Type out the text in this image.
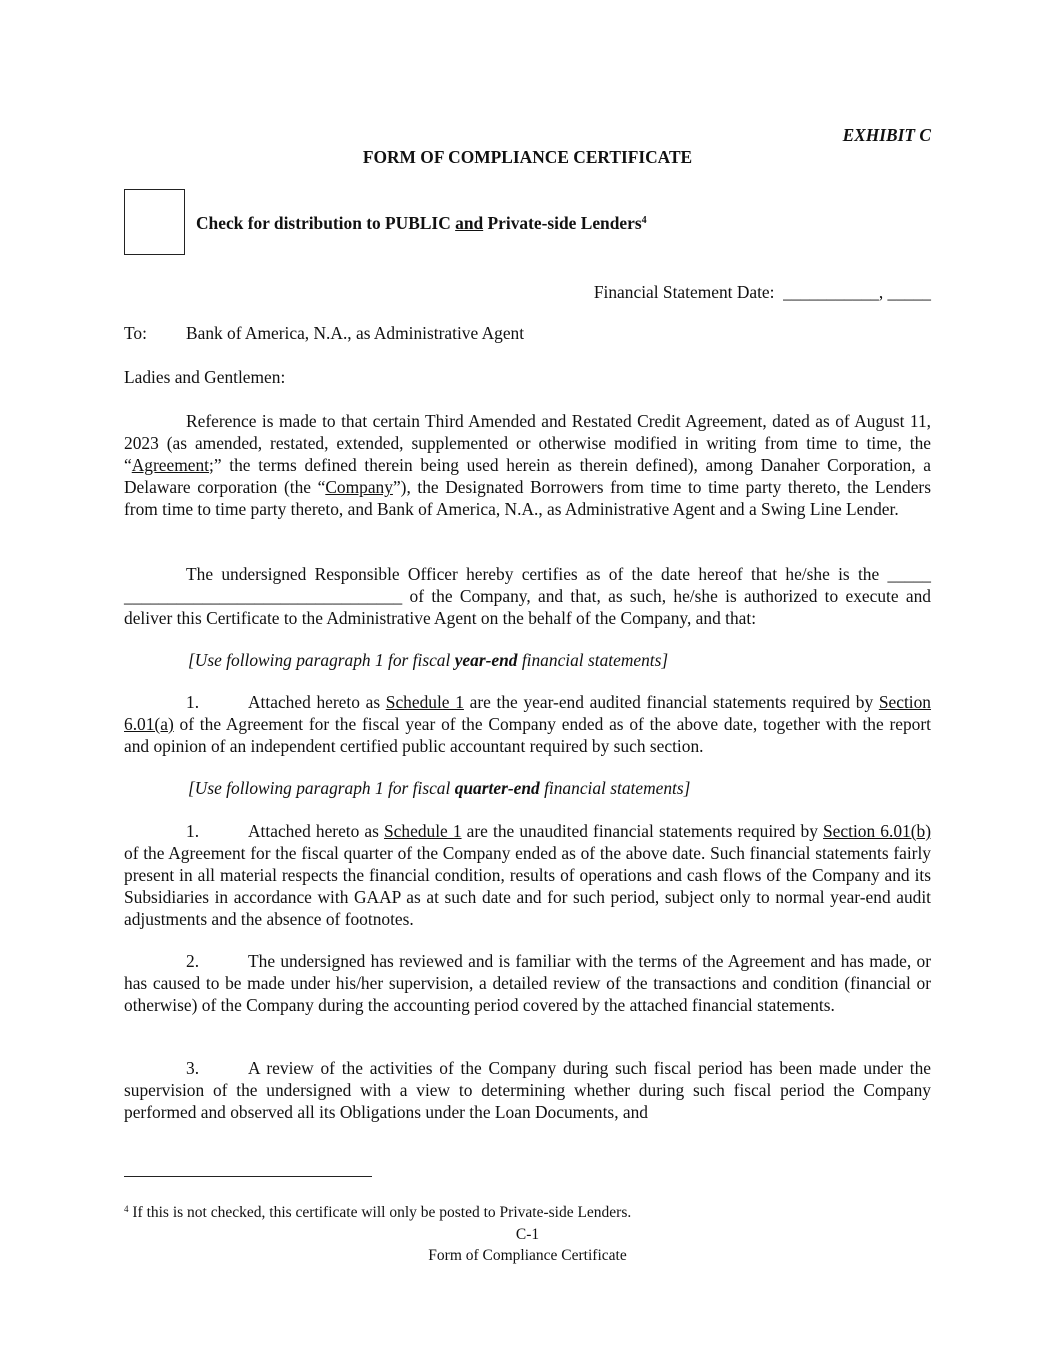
EXHIBIT C
FORM OF COMPLIANCE CERTIFICATE
Check for distribution to PUBLIC and Private-side Lenders$^4$
Financial Statement Date:  ___________, _____
To: Bank of America, N.A., as Administrative Agent
Ladies and Gentlemen:
Reference is made to that certain Third Amended and Restated Credit Agreement, dated as of August 11, 2023 (as amended, restated, extended, supplemented or otherwise modified in writing from time to time, the “Agreement;” the terms defined therein being used herein as therein defined), among Danaher Corporation, a Delaware corporation (the “Company”), the Designated Borrowers from time to time party thereto, the Lenders from time to time party thereto, and Bank of America, N.A., as Administrative Agent and a Swing Line Lender.
The undersigned Responsible Officer hereby certifies as of the date hereof that he/she is the _____ ________________________________ of the Company, and that, as such, he/she is authorized to execute and deliver this Certificate to the Administrative Agent on the behalf of the Company, and that:
[Use following paragraph 1 for fiscal year-end financial statements]
1.	Attached hereto as Schedule 1 are the year-end audited financial statements required by Section 6.01(a) of the Agreement for the fiscal year of the Company ended as of the above date, together with the report and opinion of an independent certified public accountant required by such section.
[Use following paragraph 1 for fiscal quarter-end financial statements]
1.	Attached hereto as Schedule 1 are the unaudited financial statements required by Section 6.01(b) of the Agreement for the fiscal quarter of the Company ended as of the above date. Such financial statements fairly present in all material respects the financial condition, results of operations and cash flows of the Company and its Subsidiaries in accordance with GAAP as at such date and for such period, subject only to normal year-end audit adjustments and the absence of footnotes.
2.	The undersigned has reviewed and is familiar with the terms of the Agreement and has made, or has caused to be made under his/her supervision, a detailed review of the transactions and condition (financial or otherwise) of the Company during the accounting period covered by the attached financial statements.
3.	A review of the activities of the Company during such fiscal period has been made under the supervision of the undersigned with a view to determining whether during such fiscal period the Company performed and observed all its Obligations under the Loan Documents, and
$^4$ If this is not checked, this certificate will only be posted to Private-side Lenders.
C-1
Form of Compliance Certificate
